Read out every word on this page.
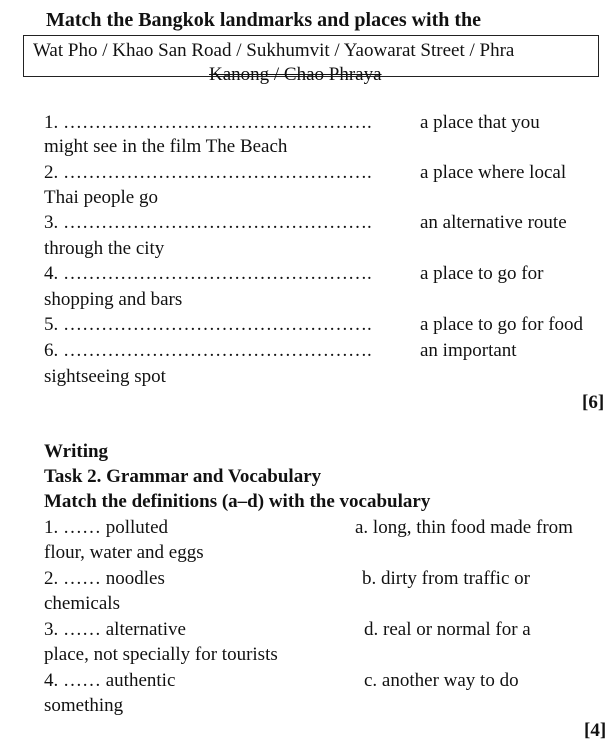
Match the Bangkok landmarks and places with the
Wat Pho / Khao San Road / Sukhumvit / Yaowarat Street / Phra
Kanong / Chao Phraya
1. ………………………………………….	a place that you
might see in the film The Beach
2. ………………………………………….	a place where local
Thai people go
3. ………………………………………….	an alternative route
through the city
4. ………………………………………….	a place to go for
shopping and bars
5. ………………………………………….	a place to go for food
6. ………………………………………….	an important
sightseeing spot
[6]
Writing
Task 2. Grammar and Vocabulary
Match the definitions (a–d) with the vocabulary
1. …… polluted	a. long, thin food made from
flour, water and eggs
2. …… noodles	b. dirty from traffic or
chemicals
3. …… alternative	d. real or normal for a
place, not specially for tourists
4. …… authentic	c. another way to do
something
[4]
